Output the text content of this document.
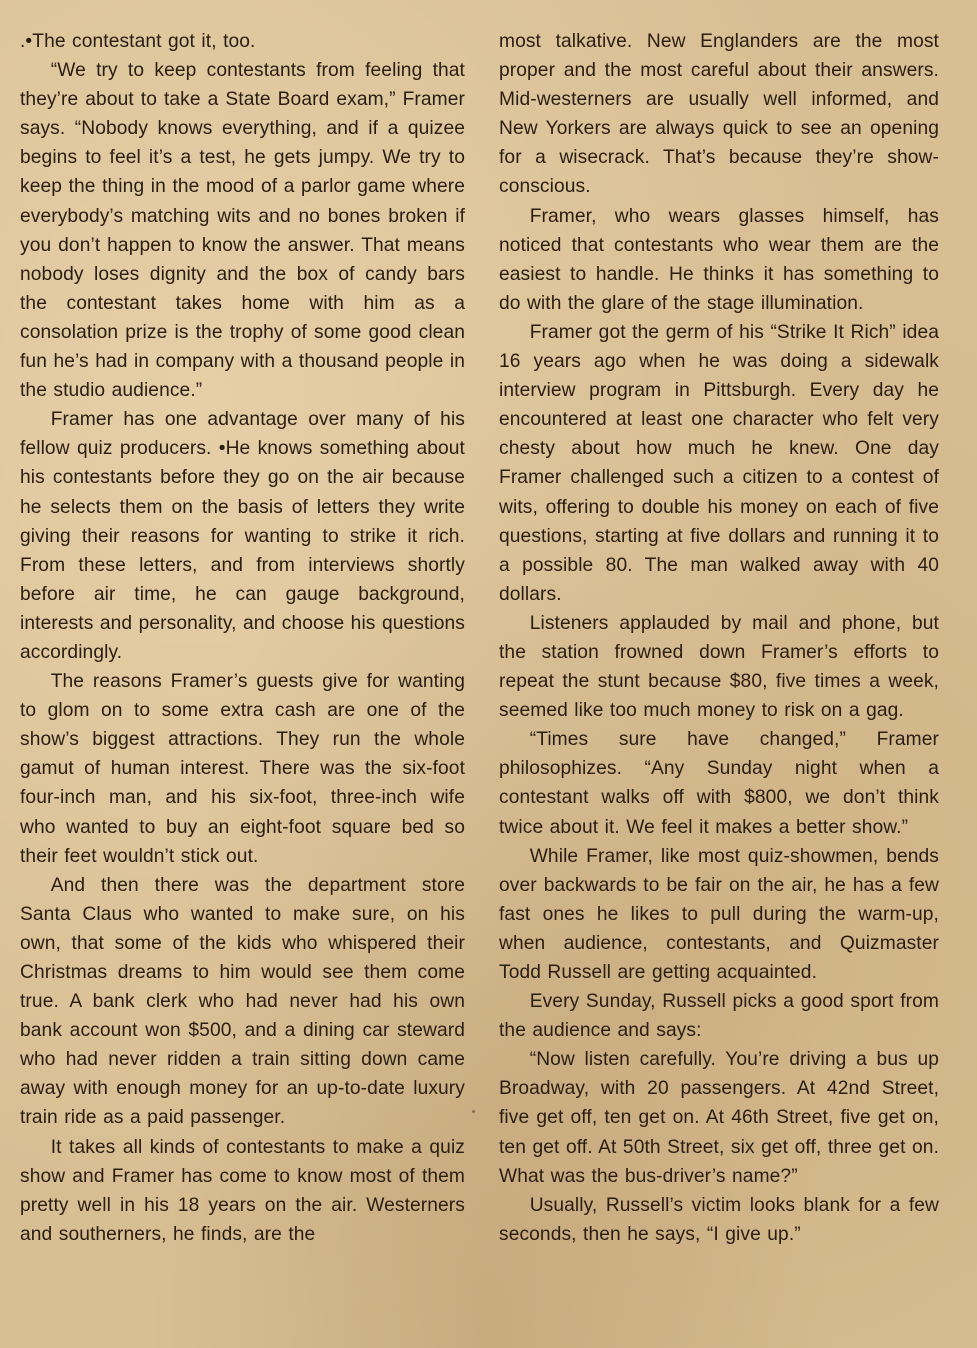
.•The contestant got it, too.

“We try to keep contestants from feeling that they’re about to take a State Board exam,” Framer says. “Nobody knows everything, and if a quizee begins to feel it’s a test, he gets jumpy. We try to keep the thing in the mood of a parlor game where everybody’s matching wits and no bones broken if you don’t happen to know the answer. That means nobody loses dignity and the box of candy bars the contestant takes home with him as a consolation prize is the trophy of some good clean fun he’s had in company with a thousand people in the studio audience.”

Framer has one advantage over many of his fellow quiz producers. •He knows something about his contestants before they go on the air because he selects them on the basis of letters they write giving their reasons for wanting to strike it rich. From these letters, and from interviews shortly before air time, he can gauge background, interests and personality, and choose his questions accordingly.

The reasons Framer’s guests give for wanting to glom on to some extra cash are one of the show’s biggest attractions. They run the whole gamut of human interest. There was the six-foot four-inch man, and his six-foot, three-inch wife who wanted to buy an eight-foot square bed so their feet wouldn’t stick out.

And then there was the department store Santa Claus who wanted to make sure, on his own, that some of the kids who whispered their Christmas dreams to him would see them come true. A bank clerk who had never had his own bank account won $500, and a dining car steward who had never ridden a train sitting down came away with enough money for an up-to-date luxury train ride as a paid passenger.

It takes all kinds of contestants to make a quiz show and Framer has come to know most of them pretty well in his 18 years on the air. Westerners and southerners, he finds, are the

most talkative. New Englanders are the most proper and the most careful about their answers. Mid-westerners are usually well informed, and New Yorkers are always quick to see an opening for a wisecrack. That’s because they’re show-conscious.

Framer, who wears glasses himself, has noticed that contestants who wear them are the easiest to handle. He thinks it has something to do with the glare of the stage illumination.

Framer got the germ of his “Strike It Rich” idea 16 years ago when he was doing a sidewalk interview program in Pittsburgh. Every day he encountered at least one character who felt very chesty about how much he knew. One day Framer challenged such a citizen to a contest of wits, offering to double his money on each of five questions, starting at five dollars and running it to a possible 80. The man walked away with 40 dollars.

Listeners applauded by mail and phone, but the station frowned down Framer’s efforts to repeat the stunt because $80, five times a week, seemed like too much money to risk on a gag.

“Times sure have changed,” Framer philosophizes. “Any Sunday night when a contestant walks off with $800, we don’t think twice about it. We feel it makes a better show.”

While Framer, like most quiz-showmen, bends over backwards to be fair on the air, he has a few fast ones he likes to pull during the warm-up, when audience, contestants, and Quizmaster Todd Russell are getting acquainted.

Every Sunday, Russell picks a good sport from the audience and says:

“Now listen carefully. You’re driving a bus up Broadway, with 20 passengers. At 42nd Street, five get off, ten get on. At 46th Street, five get on, ten get off. At 50th Street, six get off, three get on. What was the bus-driver’s name?”

Usually, Russell’s victim looks blank for a few seconds, then he says, “I give up.”
